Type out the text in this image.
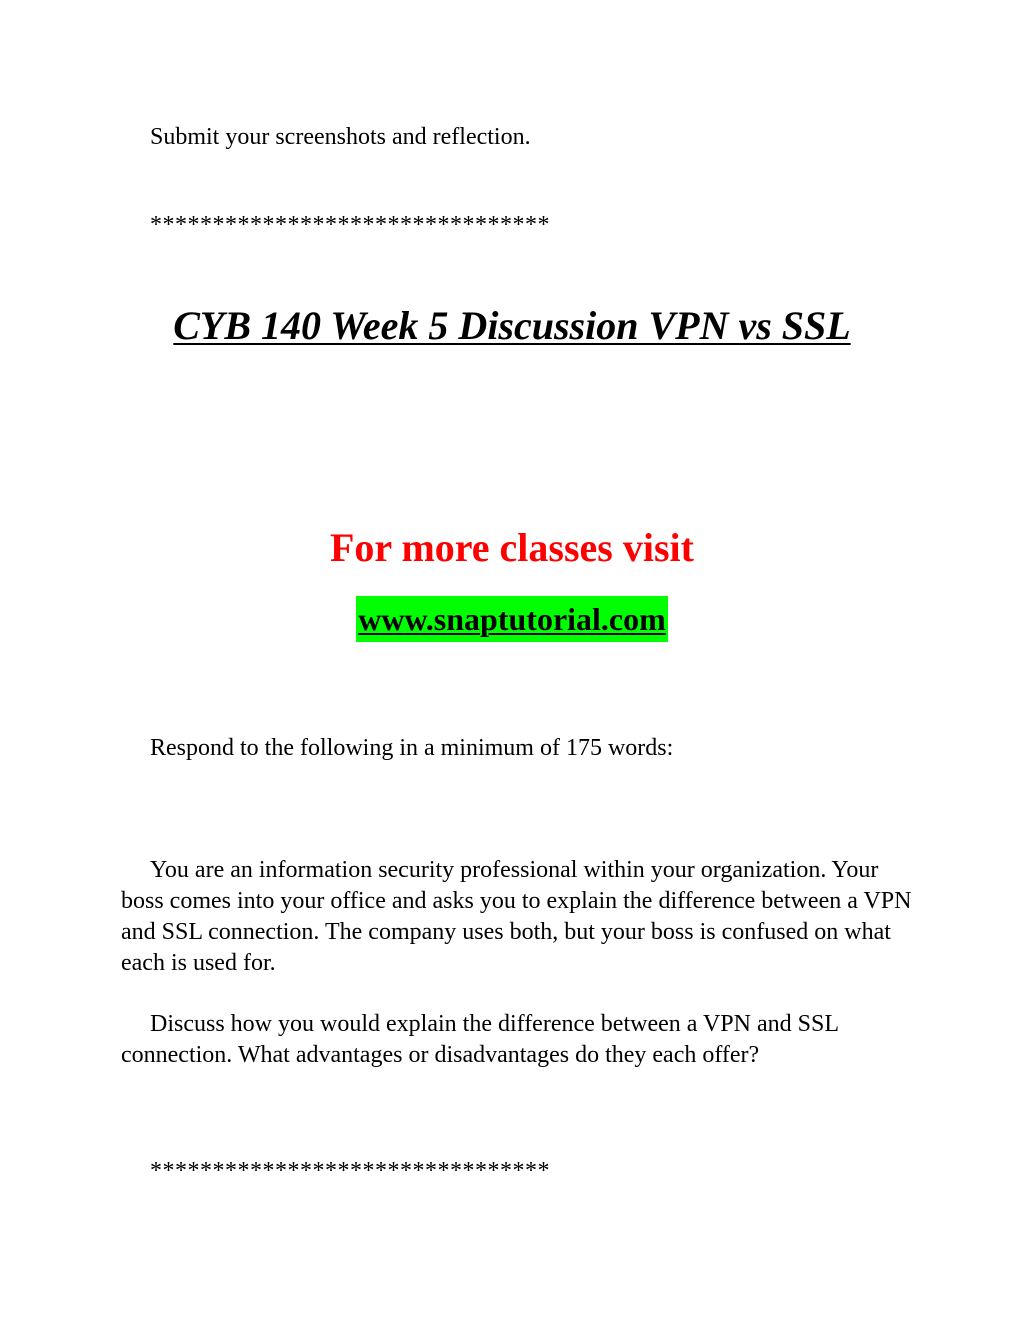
Submit your screenshots and reflection.

********************************

CYB 140 Week 5 Discussion VPN vs SSL
For more classes visit
www.snaptutorial.com

Respond to the following in a minimum of 175 words:

You are an information security professional within your organization. Your boss comes into your office and asks you to explain the difference between a VPN and SSL connection. The company uses both, but your boss is confused on what each is used for.

Discuss how you would explain the difference between a VPN and SSL connection. What advantages or disadvantages do they each offer?

********************************
